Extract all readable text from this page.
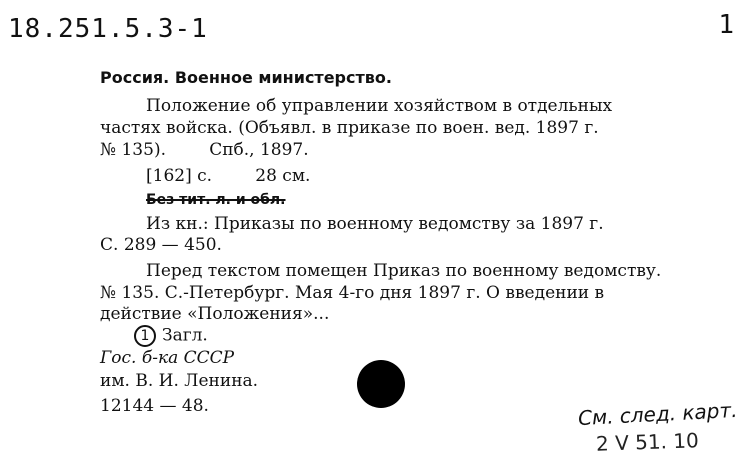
18.251.5.3-1	1
Россия. Военное министерство.
Положение об управлении хозяйством в отдельных
частях войска. (Объявл. в приказе по воен. вед. 1897 г.
№ 135).        Спб., 1897.
[162] с.        28 см.
Без тит. л. и обл.
Из кн.: Приказы по военному ведомству за 1897 г.
С. 289 — 450.
Перед текстом помещен Приказ по военному ведомству.
№ 135. С.-Петербург. Мая 4-го дня 1897 г. О введении в
действие «Положения»...
1 Загл.
Гос. б-ка СССР
им. В. И. Ленина.
12144 — 48.	См. след. карт.
2 V 51. 10
